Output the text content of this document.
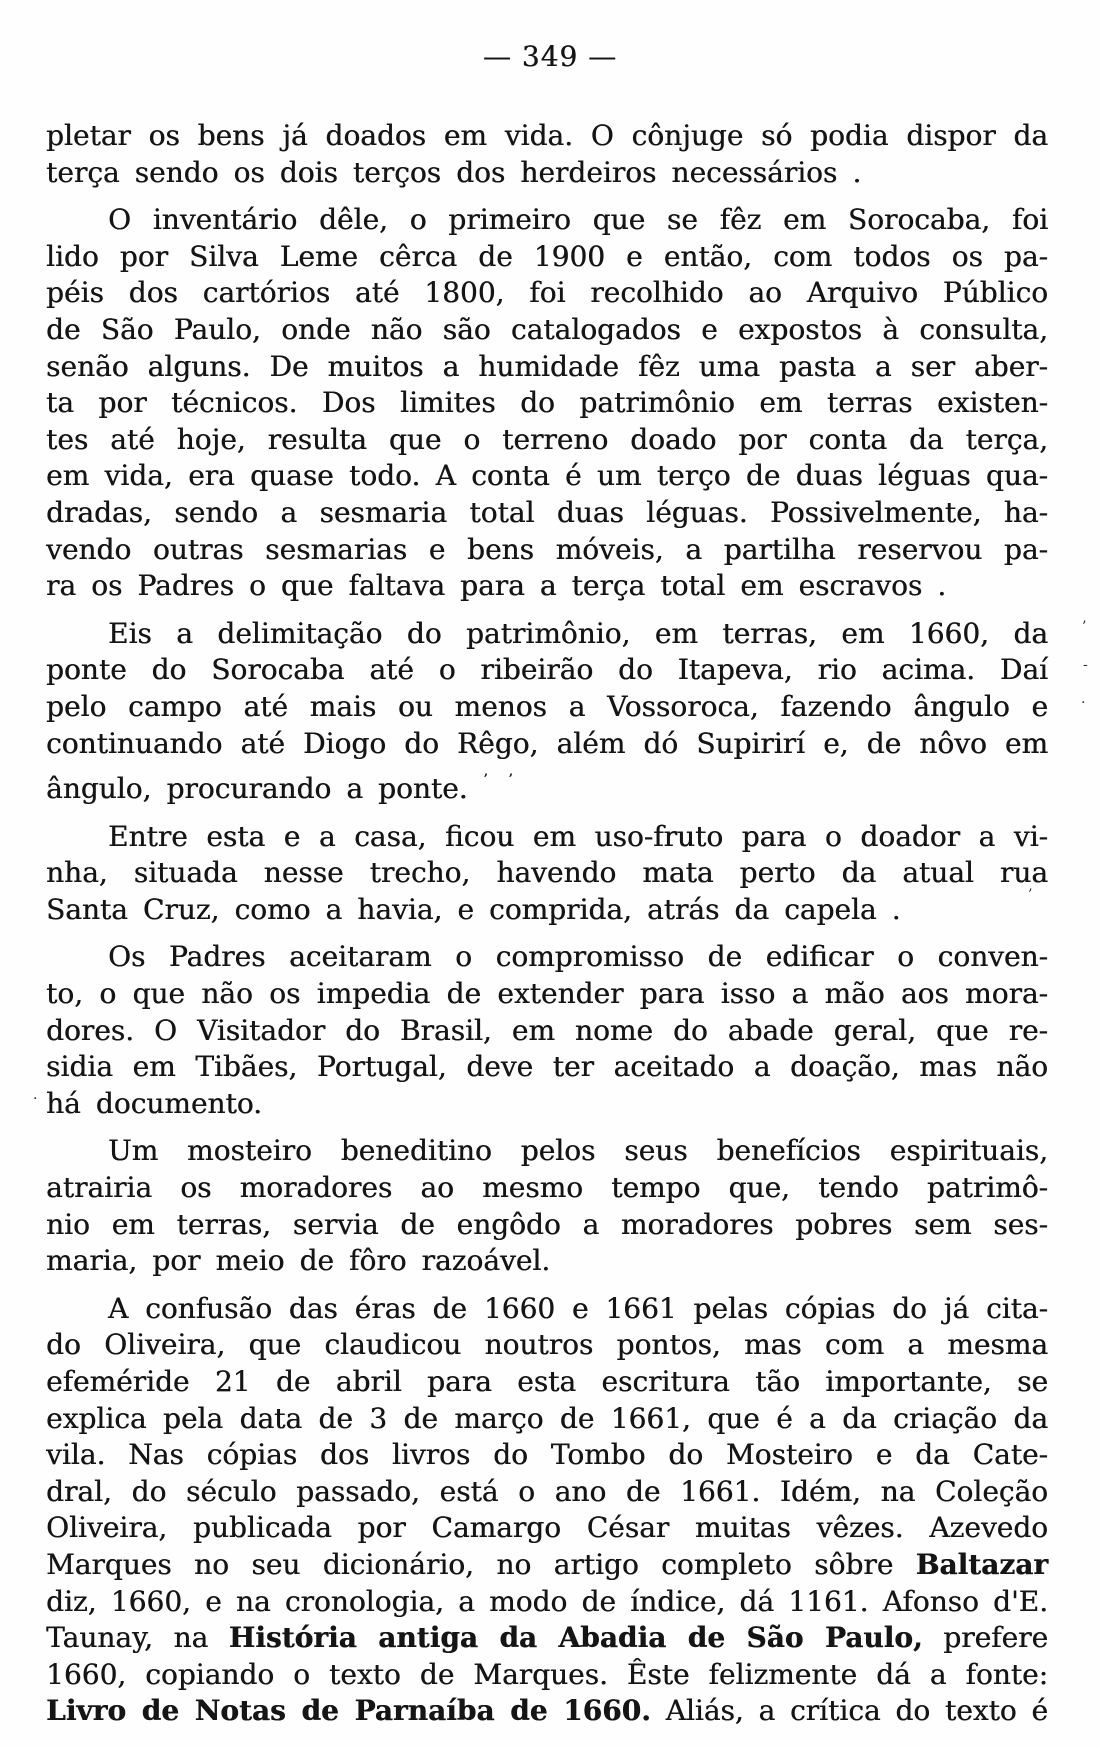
— 349 —
pletar os bens já doados em vida. O cônjuge só podia dispor da
terça sendo os dois terços dos herdeiros necessários .
O inventário dêle, o primeiro que se fêz em Sorocaba, foi
lido por Silva Leme cêrca de 1900 e então, com todos os pa-
péis dos cartórios até 1800, foi recolhido ao Arquivo Público
de São Paulo, onde não são catalogados e expostos à consulta,
senão alguns. De muitos a humidade fêz uma pasta a ser aber-
ta por técnicos. Dos limites do patrimônio em terras existen-
tes até hoje, resulta que o terreno doado por conta da terça,
em vida, era quase todo. A conta é um terço de duas léguas qua-
dradas, sendo a sesmaria total duas léguas. Possivelmente, ha-
vendo outras sesmarias e bens móveis, a partilha reservou pa-
ra os Padres o que faltava para a terça total em escravos .
Eis a delimitação do patrimônio, em terras, em 1660, da
ponte do Sorocaba até o ribeirão do Itapeva, rio acima. Daí
pelo campo até mais ou menos a Vossoroca, fazendo ângulo e
continuando até Diogo do Rêgo, além dó Supirirí e, de nôvo em
ângulo, procurando a ponte. ’ ’
Entre esta e a casa, ficou em uso-fruto para o doador a vi-
nha, situada nesse trecho, havendo mata perto da atual rua
Santa Cruz, como a havia, e comprida, atrás da capela .
Os Padres aceitaram o compromisso de edificar o conven-
to, o que não os impedia de extender para isso a mão aos mora-
dores. O Visitador do Brasil, em nome do abade geral, que re-
sidia em Tibães, Portugal, deve ter aceitado a doação, mas não
há documento.
Um mosteiro beneditino pelos seus benefícios espirituais,
atrairia os moradores ao mesmo tempo que, tendo patrimô-
nio em terras, servia de engôdo a moradores pobres sem ses-
maria, por meio de fôro razoável.
A confusão das éras de 1660 e 1661 pelas cópias do já cita-
do Oliveira, que claudicou noutros pontos, mas com a mesma
efeméride 21 de abril para esta escritura tão importante, se
explica pela data de 3 de março de 1661, que é a da criação da
vila. Nas cópias dos livros do Tombo do Mosteiro e da Cate-
dral, do século passado, está o ano de 1661. Idém, na Coleção
Oliveira, publicada por Camargo César muitas vêzes. Azevedo
Marques no seu dicionário, no artigo completo sôbre Baltazar
diz, 1660, e na cronologia, a modo de índice, dá 1161. Afonso d'E.
Taunay, na História antiga da Abadia de São Paulo, prefere
1660, copiando o texto de Marques. Êste felizmente dá a fonte:
Livro de Notas de Parnaíba de 1660. Aliás, a crítica do texto é
’
-
·
’
·
